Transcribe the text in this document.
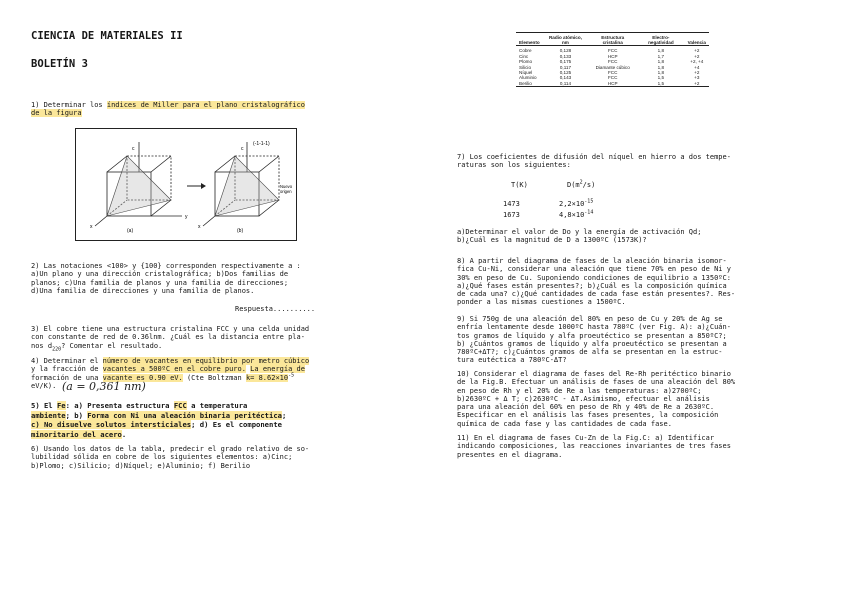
CIENCIA DE MATERIALES II
BOLETÍN 3
Elemento	Radio atómico, nm	Estructura cristalina	Electro-negatividad	Valencia
Cobre	0,128	FCC	1,8	+2
Cinc	0,133	HCP	1,7	+2
Plomo	0,175	FCC	1,8	+2, +4
Silicio	0,117	Diamante cúbico	1,8	+4
Níquel	0,125	FCC	1,8	+2
Aluminio	0,143	FCC	1,5	+3
Berilio	0,114	HCP	1,5	+2

1) Determinar los índices de Miller para el plano cristalográfico
de la figura
c
y
x
(a)
(-1-1-1)
c
Nuevo
origen
x
(b)
2) Las notaciones <100> y {100} corresponden respectivamente a :
a)Un plano y una dirección cristalográfica; b)Dos familias de
planos; c)Una familia de planos y una familia de direcciones;
d)Una familia de direcciones y una familia de planos.
Respuesta..........
3) El cobre tiene una estructura cristalina FCC y una celda unidad
con constante de red de 0.36lnm. ¿Cuál es la distancia entre pla-
nos $d_{220}$? Comentar el resultado.
4) Determinar el número de vacantes en equilibrio por metro cúbico
y la fracción de vacantes a 500ºC en el cobre puro. La energía de
formación de una vacante es 0.90 eV. (Cte Boltzman $k= 8.62\times 10^{-5}$
eV/K). (a = 0,361 nm)
5) El Fe: a) Presenta estructura FCC a temperatura
ambiente; b) Forma con Ni una aleación binaria peritéctica;
c) No disuelve solutos intersticiales; d) Es el componente
minoritario del acero.
6) Usando los datos de la tabla, predecir el grado relativo de so-
lubilidad sólida en cobre de los siguientes elementos: a)Cinc;
b)Plomo; c)Silicio; d)Níquel; e)Aluminio; f) Berilio
7) Los coeficientes de difusión del níquel en hierro a dos tempe-
raturas son los siguientes:
T(K)	$D(m^2/s)$
1473	$2,2\times 10^{-15}$
1673	$4,8\times 10^{-14}$
a)Determinar el valor de Do y la energía de activación Qd;
b)¿Cuál es la magnitud de D a 1300ºC (1573K)?
8) A partir del diagrama de fases de la aleación binaria isomor-
fica Cu-Ni, considerar una aleación que tiene 70% en peso de Ni y
30% en peso de Cu. Suponiendo condiciones de equilibrio a 1350ºC:
a)¿Qué fases están presentes?; b)¿Cuál es la composición química
de cada una? c)¿Qué cantidades de cada fase están presentes?. Res-
ponder a las mismas cuestiones a 1500ºC.
9) Si 750g de una aleación del 80% en peso de Cu y 20% de Ag se
enfría lentamente desde 1000ºC hasta 780ºC (ver Fig. A): a)¿Cuán-
tos gramos de líquido y alfa proeutéctico se presentan a 850ºC?;
b) ¿Cuántos gramos de líquido y alfa proeutéctico se presentan a
780ºC+ΔT?; c)¿Cuántos gramos de alfa se presentan en la estruc-
tura eutéctica a 780ºC-ΔT?
10) Considerar el diagrama de fases del Re-Rh peritéctico binario
de la Fig.B. Efectuar un análisis de fases de una aleación del 80%
en peso de Rh y el 20% de Re a las temperaturas: a)2700ºC;
b)2630ºC + Δ T; c)2630ºC - ΔT.Asimismo, efectuar el análisis
para una aleación del 60% en peso de Rh y 40% de Re a 2630ºC.
Especificar en el análisis las fases presentes, la composición
química de cada fase y las cantidades de cada fase.
11) En el diagrama de fases Cu-Zn de la Fig.C: a) Identificar
indicando composiciones, las reacciones invariantes de tres fases
presentes en el diagrama.
